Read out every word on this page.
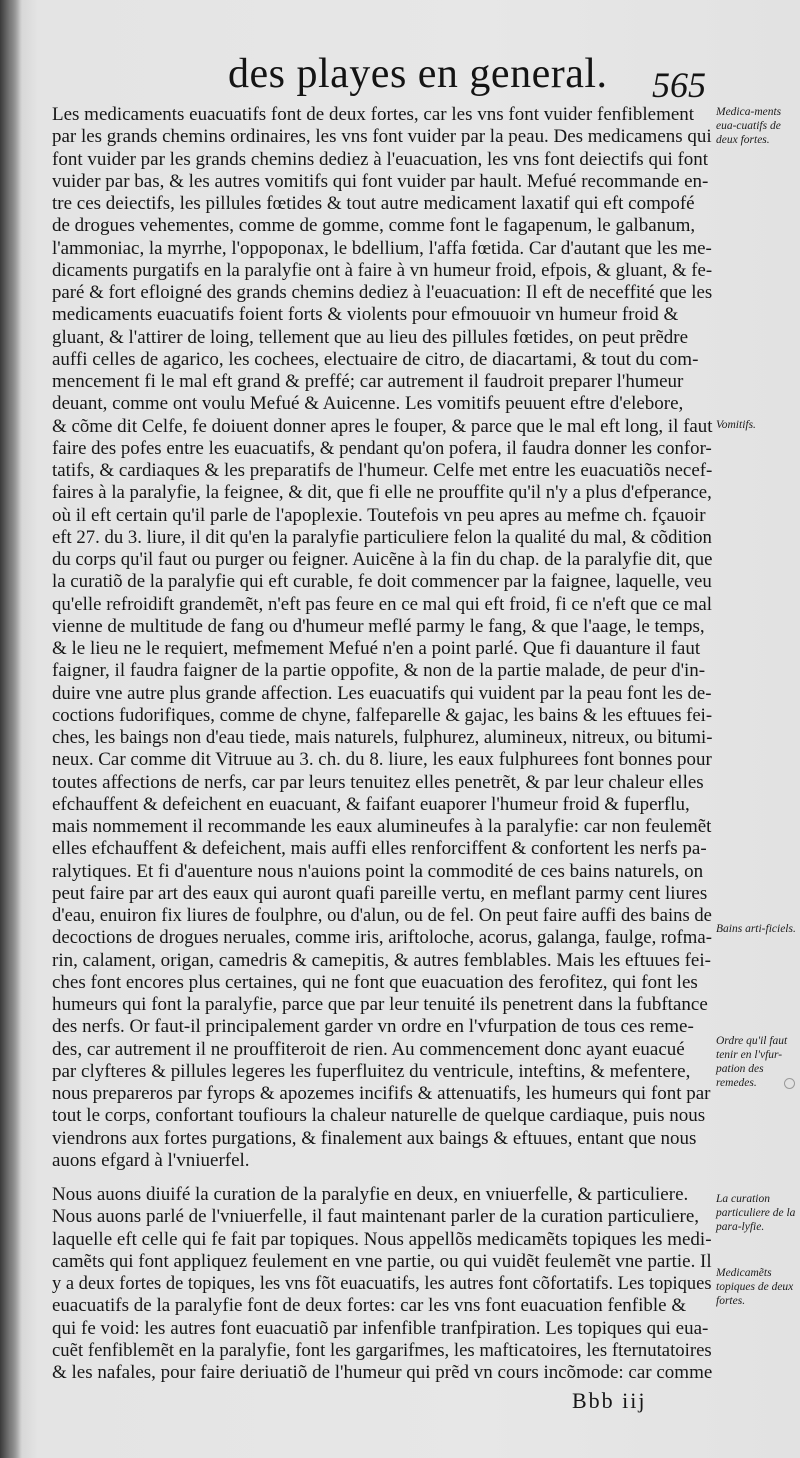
des playes en general. 565
Les medicaments euacuatifs font de deux fortes, car les vns font vuider fenfiblement
par les grands chemins ordinaires, les vns font vuider par la peau. Des medicamens qui
font vuider par les grands chemins dediez à l'euacuation, les vns font deiectifs qui font
vuider par bas, & les autres vomitifs qui font vuider par hault. Mefué recommande en-
tre ces deiectifs, les pillules fœtides & tout autre medicament laxatif qui eft compofé
de drogues vehementes, comme de gomme, comme font le fagapenum, le galbanum,
l'ammoniac, la myrrhe, l'oppoponax, le bdellium, l'affa fœtida. Car d'autant que les me-
dicaments purgatifs en la paralyfie ont à faire à vn humeur froid, efpois, & gluant, & fe-
paré & fort efloigné des grands chemins dediez à l'euacuation: Il eft de neceffité que les
medicaments euacuatifs foient forts & violents pour efmouuoir vn humeur froid &
gluant, & l'attirer de loing, tellement que au lieu des pillules fœtides, on peut prẽdre
auffi celles de agarico, les cochees, electuaire de citro, de diacartami, & tout du com-
mencement fi le mal eft grand & preffé; car autrement il faudroit preparer l'humeur
deuant, comme ont voulu Mefué & Auicenne. Les vomitifs peuuent eftre d'elebore,
& cõme dit Celfe, fe doiuent donner apres le fouper, & parce que le mal eft long, il faut
faire des pofes entre les euacuatifs, & pendant qu'on pofera, il faudra donner les confor-
tatifs, & cardiaques & les preparatifs de l'humeur. Celfe met entre les euacuatiõs necef-
faires à la paralyfie, la feignee, & dit, que fi elle ne prouffite qu'il n'y a plus d'efperance,
où il eft certain qu'il parle de l'apoplexie. Toutefois vn peu apres au mefme ch. fçauoir
eft 27. du 3. liure, il dit qu'en la paralyfie particuliere felon la qualité du mal, & cõdition
du corps qu'il faut ou purger ou feigner. Auicẽne à la fin du chap. de la paralyfie dit, que
la curatiõ de la paralyfie qui eft curable, fe doit commencer par la faignee, laquelle, veu
qu'elle refroidift grandemẽt, n'eft pas feure en ce mal qui eft froid, fi ce n'eft que ce mal
vienne de multitude de fang ou d'humeur meflé parmy le fang, & que l'aage, le temps,
& le lieu ne le requiert, mefmement Mefué n'en a point parlé. Que fi dauanture il faut
faigner, il faudra faigner de la partie oppofite, & non de la partie malade, de peur d'in-
duire vne autre plus grande affection. Les euacuatifs qui vuident par la peau font les de-
coctions fudorifiques, comme de chyne, falfeparelle & gajac, les bains & les eftuues fei-
ches, les baings non d'eau tiede, mais naturels, fulphurez, alumineux, nitreux, ou bitumi-
neux. Car comme dit Vitruue au 3. ch. du 8. liure, les eaux fulphurees font bonnes pour
toutes affections de nerfs, car par leurs tenuitez elles penetrẽt, & par leur chaleur elles
efchauffent & defeichent en euacuant, & faifant euaporer l'humeur froid & fuperflu,
mais nommement il recommande les eaux alumineufes à la paralyfie: car non feulemẽt
elles efchauffent & defeichent, mais auffi elles renforciffent & confortent les nerfs pa-
ralytiques. Et fi d'auenture nous n'auions point la commodité de ces bains naturels, on
peut faire par art des eaux qui auront quafi pareille vertu, en meflant parmy cent liures
d'eau, enuiron fix liures de foulphre, ou d'alun, ou de fel. On peut faire auffi des bains de
decoctions de drogues neruales, comme iris, ariftoloche, acorus, galanga, faulge, rofma-
rin, calament, origan, camedris & camepitis, & autres femblables. Mais les eftuues fei-
ches font encores plus certaines, qui ne font que euacuation des ferofitez, qui font les
humeurs qui font la paralyfie, parce que par leur tenuité ils penetrent dans la fubftance
des nerfs. Or faut-il principalement garder vn ordre en l'vfurpation de tous ces reme-
des, car autrement il ne prouffiteroit de rien. Au commencement donc ayant euacué
par clyfteres & pillules legeres les fuperfluitez du ventricule, inteftins, & mefentere,
nous prepareros par fyrops & apozemes incififs & attenuatifs, les humeurs qui font par
tout le corps, confortant toufiours la chaleur naturelle de quelque cardiaque, puis nous
viendrons aux fortes purgations, & finalement aux baings & eftuues, entant que nous
auons efgard à l'vniuerfel.
Nous auons diuifé la curation de la paralyfie en deux, en vniuerfelle, & particuliere.
Nous auons parlé de l'vniuerfelle, il faut maintenant parler de la curation particuliere,
laquelle eft celle qui fe fait par topiques. Nous appellõs medicamẽts topiques les medi-
camẽts qui font appliquez feulement en vne partie, ou qui vuidẽt feulemẽt vne partie. Il
y a deux fortes de topiques, les vns fõt euacuatifs, les autres font cõfortatifs. Les topiques
euacuatifs de la paralyfie font de deux fortes: car les vns font euacuation fenfible &
qui fe void: les autres font euacuatiõ par infenfible tranfpiration. Les topiques qui eua-
cuẽt fenfiblemẽt en la paralyfie, font les gargarifmes, les mafticatoires, les fternutatoires
& les nafales, pour faire deriuatiõ de l'humeur qui prẽd vn cours incõmode: car comme
Medica-ments eua-cuatifs de deux fortes.
Vomitifs.
Bains arti-ficiels.
Ordre qu'il faut tenir en l'vfur-pation des remedes.
La curation particuliere de la para-lyfie.
Medicamẽts topiques de deux fortes.
Bbb iij
